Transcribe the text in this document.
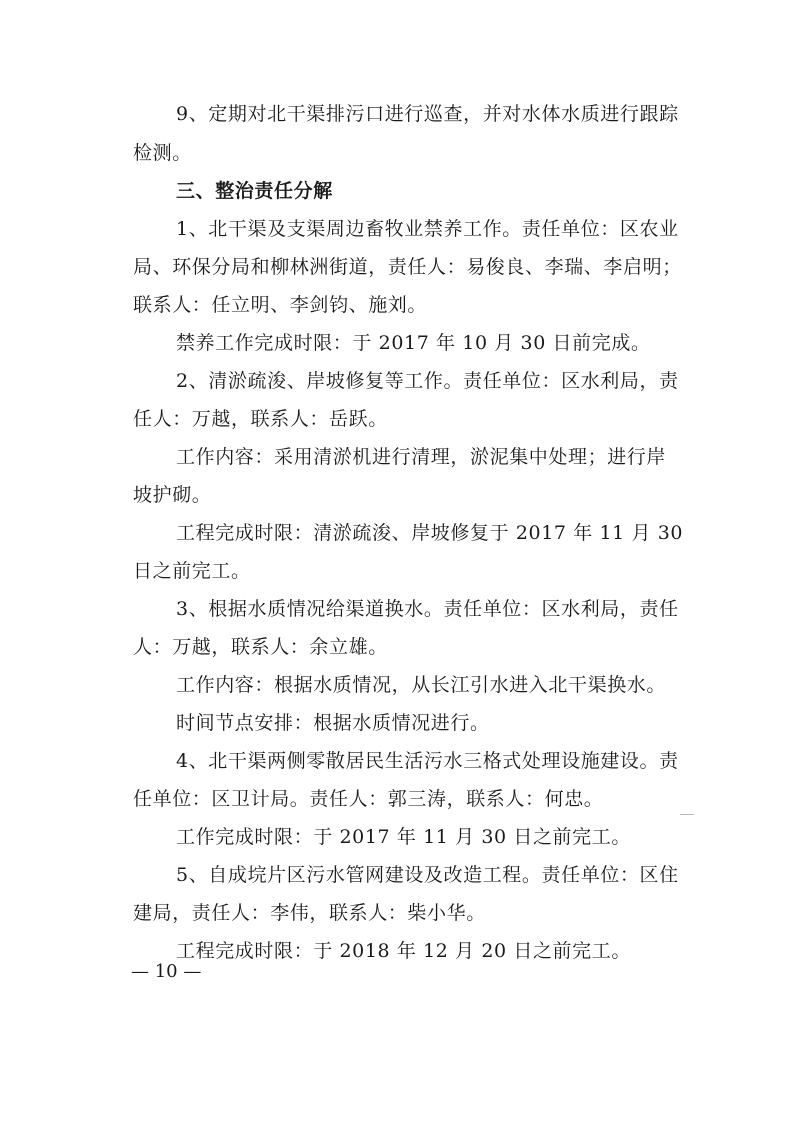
9、定期对北干渠排污口进行巡查，并对水体水质进行跟踪
检测。
三、整治责任分解
1、北干渠及支渠周边畜牧业禁养工作。责任单位：区农业
局、环保分局和柳林洲街道，责任人：易俊良、李瑞、李启明；
联系人：任立明、李剑钧、施刘。
禁养工作完成时限：于 2017 年 10 月 30 日前完成。
2、清淤疏浚、岸坡修复等工作。责任单位：区水利局，责
任人：万越，联系人：岳跃。
工作内容：采用清淤机进行清理，淤泥集中处理；进行岸
坡护砌。
工程完成时限：清淤疏浚、岸坡修复于 2017 年 11 月 30
日之前完工。
3、根据水质情况给渠道换水。责任单位：区水利局，责任
人：万越，联系人：余立雄。
工作内容：根据水质情况，从长江引水进入北干渠换水。
时间节点安排：根据水质情况进行。
4、北干渠两侧零散居民生活污水三格式处理设施建设。责
任单位：区卫计局。责任人：郭三涛，联系人：何忠。
工作完成时限：于 2017 年 11 月 30 日之前完工。
5、自成垸片区污水管网建设及改造工程。责任单位：区住
建局，责任人：李伟，联系人：柴小华。
工程完成时限：于 2018 年 12 月 20 日之前完工。
— 10 —
